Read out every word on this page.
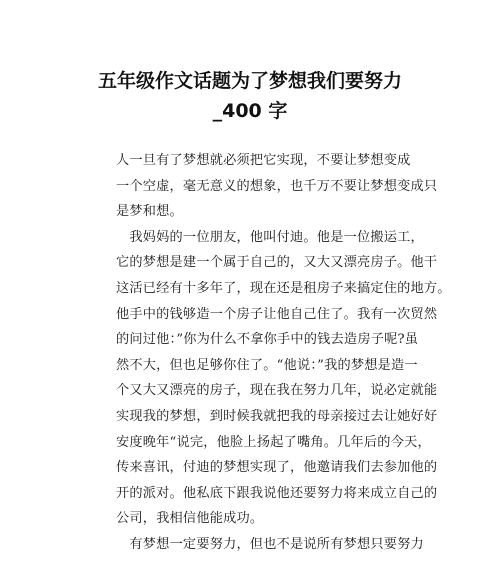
五年级作文话题为了梦想我们要努力
_400 字
人一旦有了梦想就必须把它实现，不要让梦想变成
一个空虚，毫无意义的想象，也千万不要让梦想变成只
是梦和想。
　我妈妈的一位朋友，他叫付迪。他是一位搬运工，
它的梦想是建一个属于自己的，又大又漂亮房子。他干
这活已经有十多年了，现在还是租房子来搞定住的地方。
他手中的钱够造一个房子让他自己住了。我有一次贸然
的问过他：”你为什么不拿你手中的钱去造房子呢?虽
然不大，但也足够你住了。“他说：”我的梦想是造一
个又大又漂亮的房子，现在我在努力几年，说必定就能
实现我的梦想，到时候我就把我的母亲接过去让她好好
安度晚年“说完，他脸上扬起了嘴角。几年后的今天，
传来喜讯，付迪的梦想实现了，他邀请我们去参加他的
开的派对。他私底下跟我说他还要努力将来成立自己的
公司，我相信他能成功。
　有梦想一定要努力，但也不是说所有梦想只要努力
